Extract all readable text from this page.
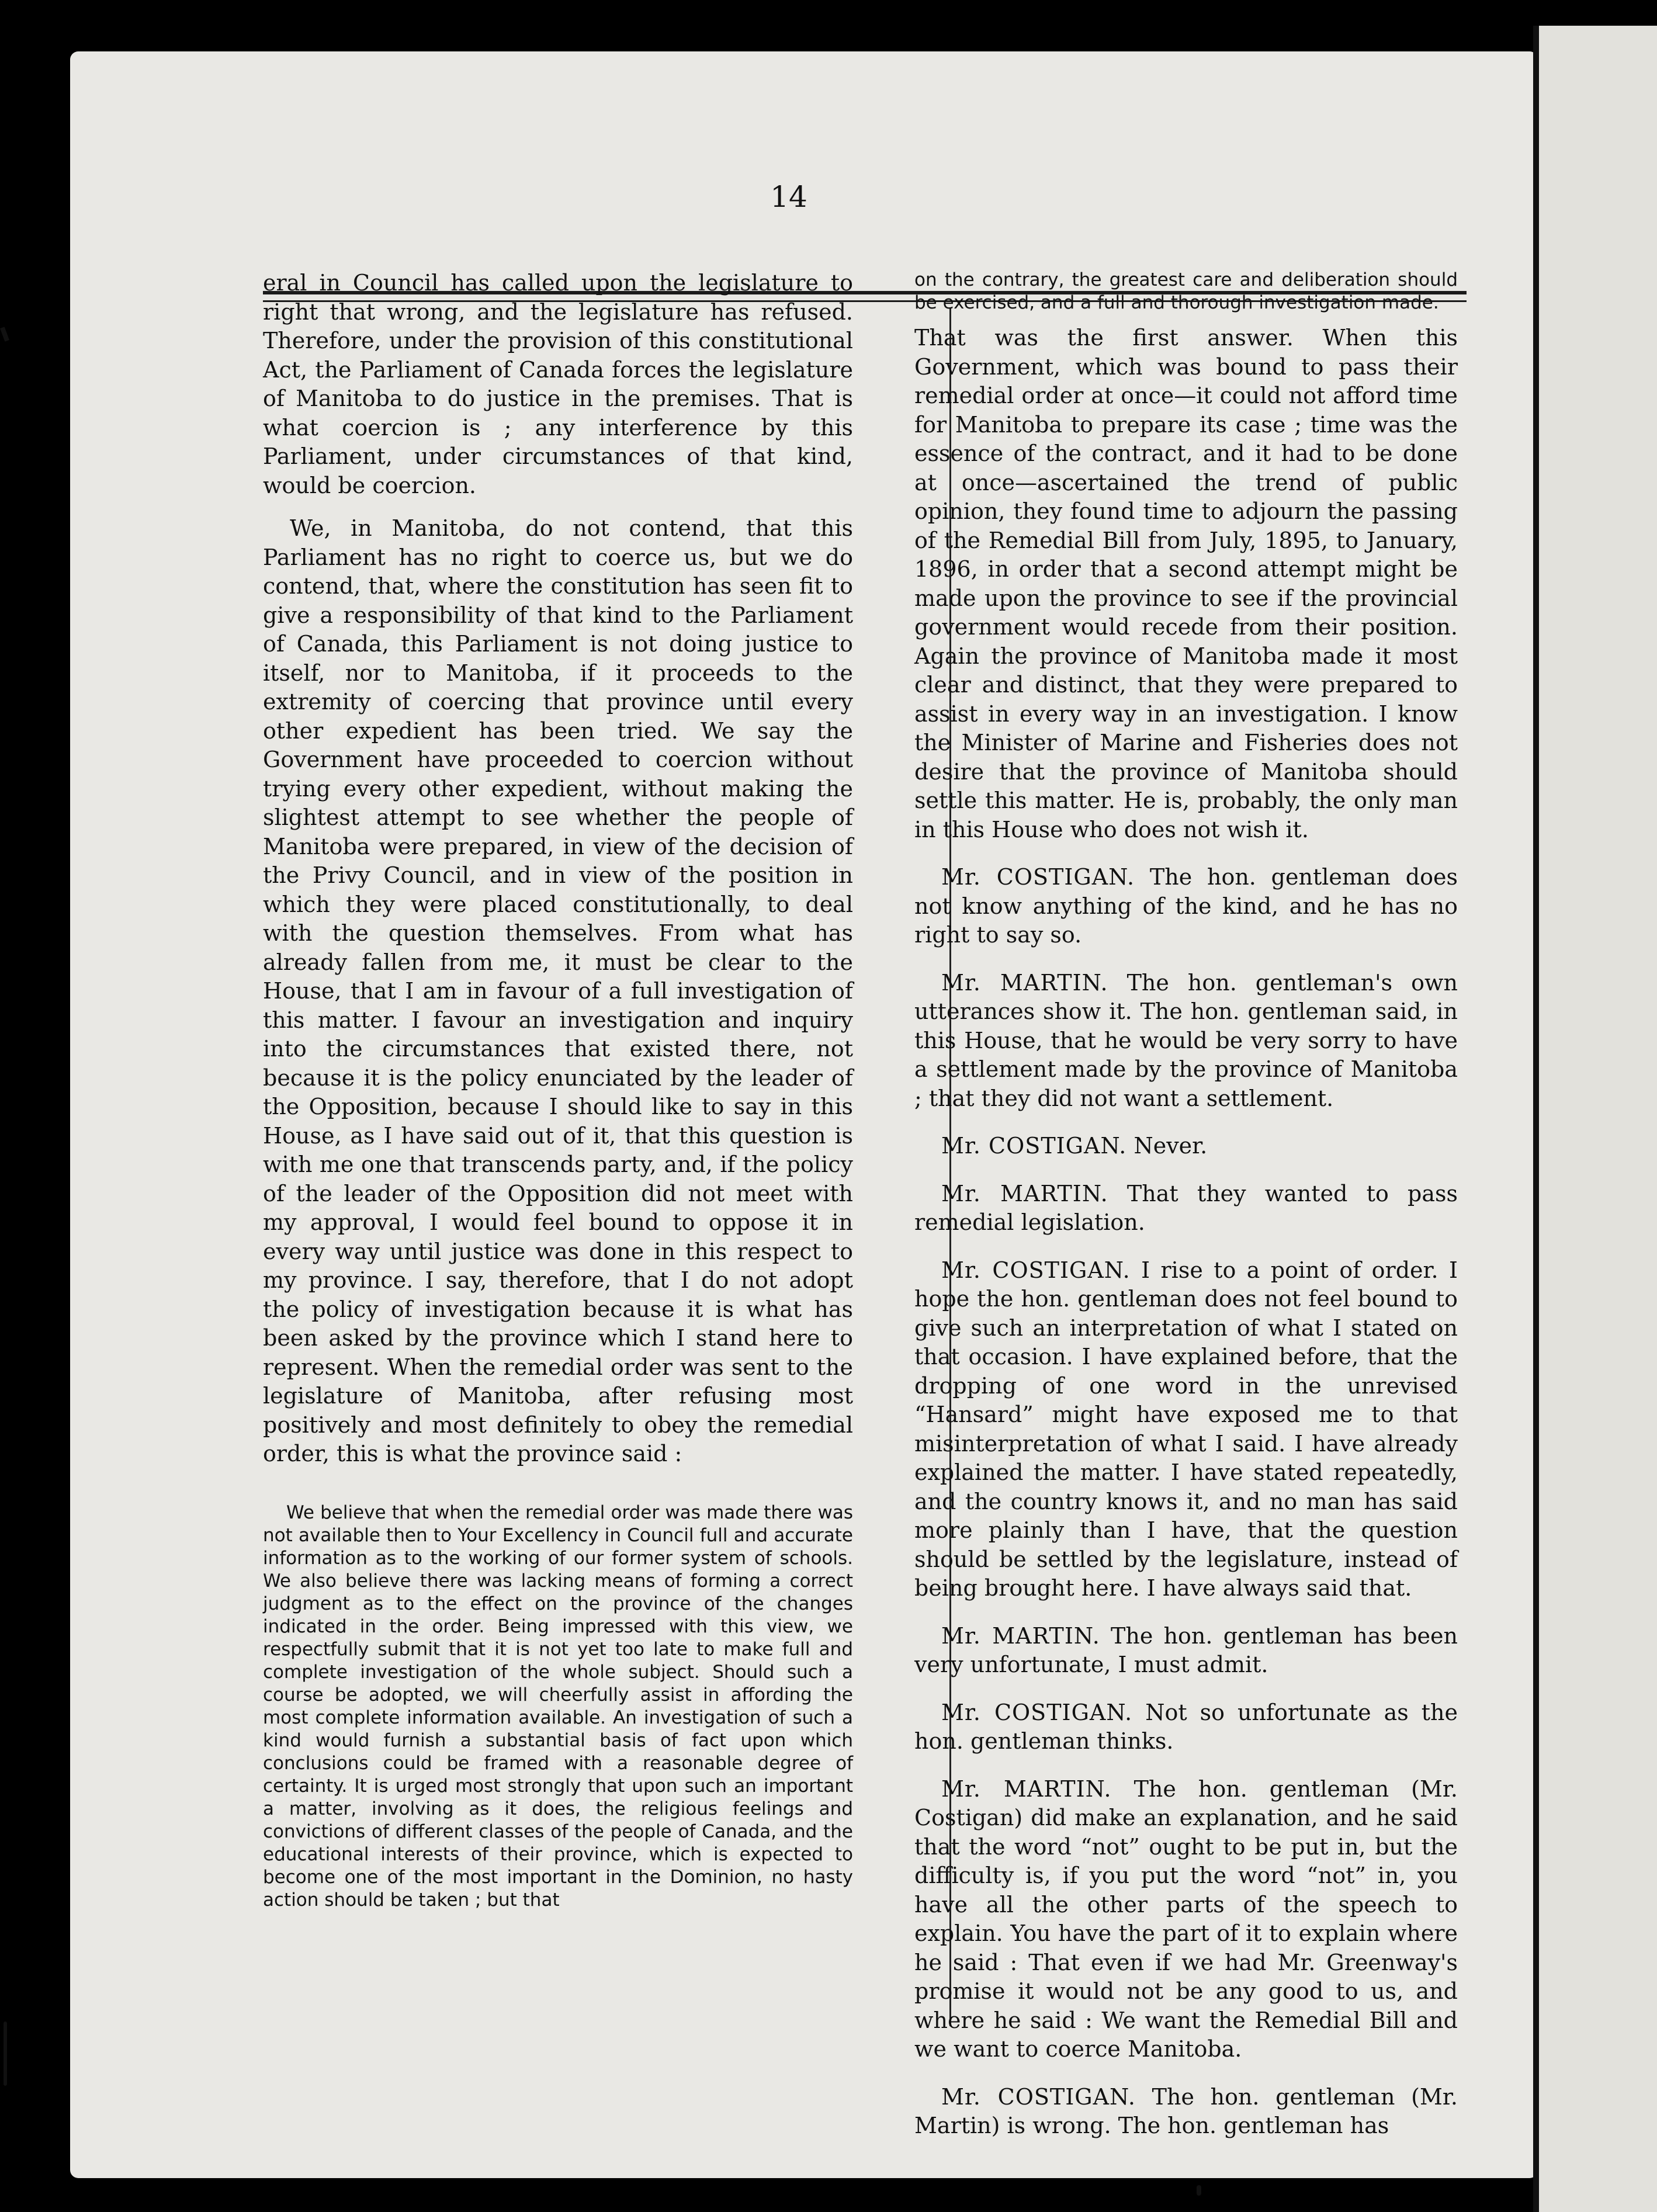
14

eral in Council has called upon the legislature to right that wrong, and the legislature has refused. Therefore, under the provision of this constitutional Act, the Parliament of Canada forces the legislature of Manitoba to do justice in the premises. That is what coercion is ; any interference by this Parliament, under circumstances of that kind, would be coercion.

We, in Manitoba, do not contend, that this Parliament has no right to coerce us, but we do contend, that, where the constitution has seen fit to give a responsibility of that kind to the Parliament of Canada, this Parliament is not doing justice to itself, nor to Manitoba, if it proceeds to the extremity of coercing that province until every other expedient has been tried. We say the Government have proceeded to coercion without trying every other expedient, without making the slightest attempt to see whether the people of Manitoba were prepared, in view of the decision of the Privy Council, and in view of the position in which they were placed constitutionally, to deal with the question themselves. From what has already fallen from me, it must be clear to the House, that I am in favour of a full investigation of this matter. I favour an investigation and inquiry into the circumstances that existed there, not because it is the policy enunciated by the leader of the Opposition, because I should like to say in this House, as I have said out of it, that this question is with me one that transcends party, and, if the policy of the leader of the Opposition did not meet with my approval, I would feel bound to oppose it in every way until justice was done in this respect to my province. I say, therefore, that I do not adopt the policy of investigation because it is what has been asked by the province which I stand here to represent. When the remedial order was sent to the legislature of Manitoba, after refusing most positively and most definitely to obey the remedial order, this is what the province said :

We believe that when the remedial order was made there was not available then to Your Excellency in Council full and accurate information as to the working of our former system of schools. We also believe there was lacking means of forming a correct judgment as to the effect on the province of the changes indicated in the order. Being impressed with this view, we respectfully submit that it is not yet too late to make full and complete investigation of the whole subject. Should such a course be adopted, we will cheerfully assist in affording the most complete information available. An investigation of such a kind would furnish a substantial basis of fact upon which conclusions could be framed with a reasonable degree of certainty. It is urged most strongly that upon such an important a matter, involving as it does, the religious feelings and convictions of different classes of the people of Canada, and the educational interests of their province, which is expected to become one of the most important in the Dominion, no hasty action should be taken ; but that

on the contrary, the greatest care and deliberation should be exercised, and a full and thorough investigation made.

That was the first answer. When this Government, which was bound to pass their remedial order at once—it could not afford time for Manitoba to prepare its case ; time was the essence of the contract, and it had to be done at once—ascertained the trend of public opinion, they found time to adjourn the passing of the Remedial Bill from July, 1895, to January, 1896, in order that a second attempt might be made upon the province to see if the provincial government would recede from their position. Again the province of Manitoba made it most clear and distinct, that they were prepared to assist in every way in an investigation. I know the Minister of Marine and Fisheries does not desire that the province of Manitoba should settle this matter. He is, probably, the only man in this House who does not wish it.

Mr. COSTIGAN. The hon. gentleman does not know anything of the kind, and he has no right to say so.

Mr. MARTIN. The hon. gentleman's own utterances show it. The hon. gentleman said, in this House, that he would be very sorry to have a settlement made by the province of Manitoba ; that they did not want a settlement.

Mr. COSTIGAN. Never.

Mr. MARTIN. That they wanted to pass remedial legislation.

Mr. COSTIGAN. I rise to a point of order. I hope the hon. gentleman does not feel bound to give such an interpretation of what I stated on that occasion. I have explained before, that the dropping of one word in the unrevised “Hansard” might have exposed me to that misinterpretation of what I said. I have already explained the matter. I have stated repeatedly, and the country knows it, and no man has said more plainly than I have, that the question should be settled by the legislature, instead of being brought here. I have always said that.

Mr. MARTIN. The hon. gentleman has been very unfortunate, I must admit.

Mr. COSTIGAN. Not so unfortunate as the hon. gentleman thinks.

Mr. MARTIN. The hon. gentleman (Mr. Costigan) did make an explanation, and he said that the word “not” ought to be put in, but the difficulty is, if you put the word “not” in, you have all the other parts of the speech to explain. You have the part of it to explain where he said : That even if we had Mr. Greenway's promise it would not be any good to us, and where he said : We want the Remedial Bill and we want to coerce Manitoba.

Mr. COSTIGAN. The hon. gentleman (Mr. Martin) is wrong. The hon. gentleman has
